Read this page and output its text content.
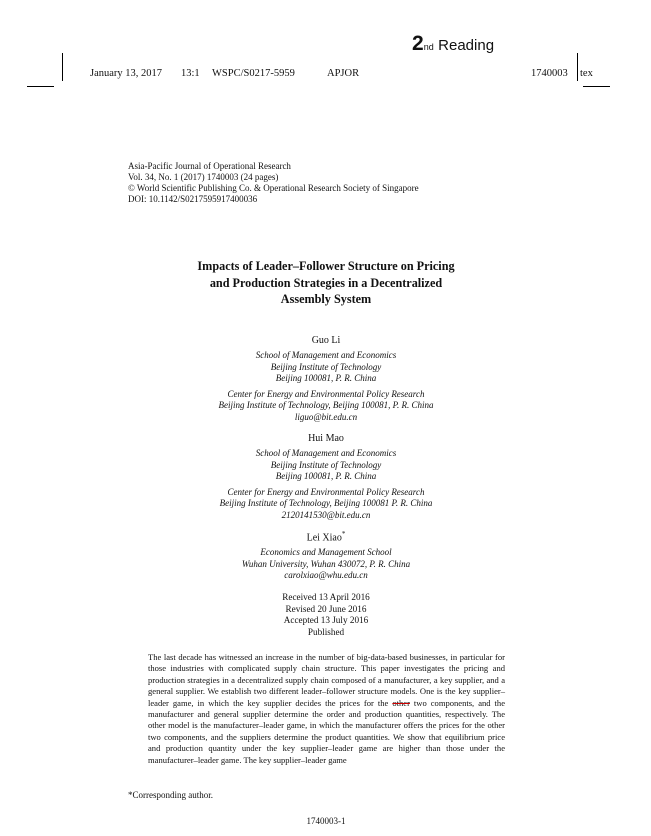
2nd Reading
January 13, 2017 13:1 WSPC/S0217-5959	APJOR	1740003 tex
Asia-Pacific Journal of Operational Research
Vol. 34, No. 1 (2017) 1740003 (24 pages)
© World Scientific Publishing Co. & Operational Research Society of Singapore
DOI: 10.1142/S0217595917400036
Impacts of Leader–Follower Structure on Pricing
and Production Strategies in a Decentralized
Assembly System
Guo Li
School of Management and Economics
Beijing Institute of Technology
Beijing 100081, P. R. China
Center for Energy and Environmental Policy Research
Beijing Institute of Technology, Beijing 100081, P. R. China
liguo@bit.edu.cn
Hui Mao
School of Management and Economics
Beijing Institute of Technology
Beijing 100081, P. R. China
Center for Energy and Environmental Policy Research
Beijing Institute of Technology, Beijing 100081 P. R. China
2120141530@bit.edu.cn
Lei Xiao*
Economics and Management School
Wuhan University, Wuhan 430072, P. R. China
carolxiao@whu.edu.cn
Received 13 April 2016
Revised 20 June 2016
Accepted 13 July 2016
Published
The last decade has witnessed an increase in the number of big-data-based businesses, in particular for those industries with complicated supply chain structure. This paper investigates the pricing and production strategies in a decentralized supply chain composed of a manufacturer, a key supplier, and a general supplier. We establish two different leader–follower structure models. One is the key supplier–leader game, in which the key supplier decides the prices for the other two components, and the manufacturer and general supplier determine the order and production quantities, respectively. The other model is the manufacturer–leader game, in which the manufacturer offers the prices for the other two components, and the suppliers determine the product quantities. We show that equilibrium price and production quantity under the key supplier–leader game are higher than those under the manufacturer–leader game. The key supplier–leader game
*Corresponding author.
1740003-1
